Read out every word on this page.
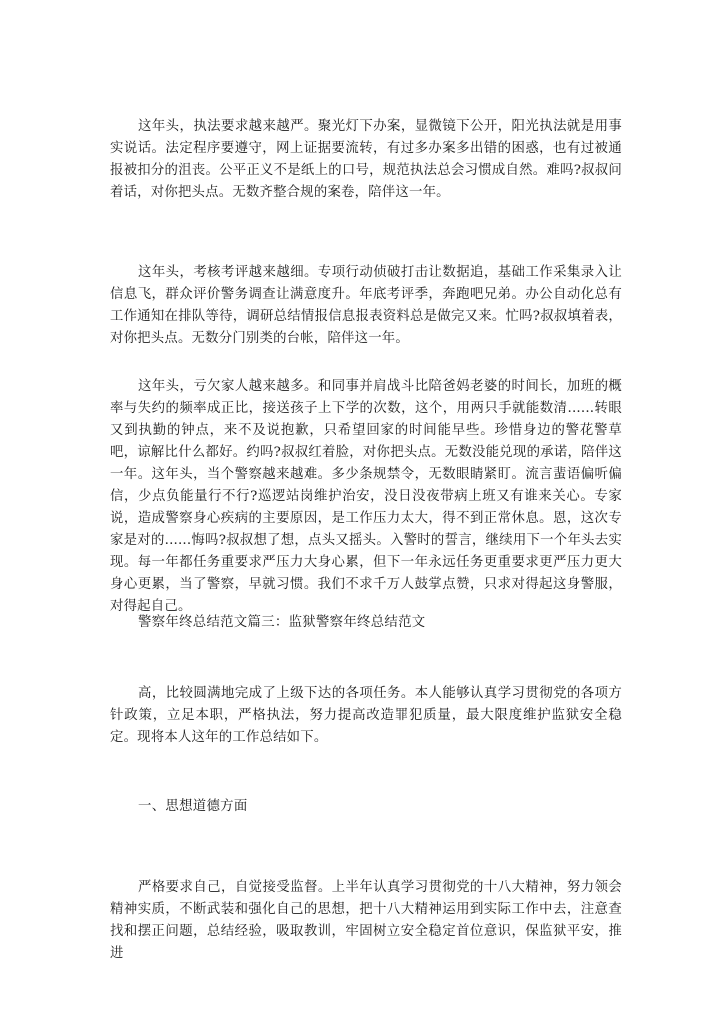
这年头，执法要求越来越严。聚光灯下办案，显微镜下公开，阳光执法就是用事实说话。法定程序要遵守，网上证据要流转，有过多办案多出错的困惑，也有过被通报被扣分的沮丧。公平正义不是纸上的口号，规范执法总会习惯成自然。难吗?叔叔问着话，对你把头点。无数齐整合规的案卷，陪伴这一年。

这年头，考核考评越来越细。专项行动侦破打击让数据追，基础工作采集录入让信息飞，群众评价警务调查让满意度升。年底考评季，奔跑吧兄弟。办公自动化总有工作通知在排队等待，调研总结情报信息报表资料总是做完又来。忙吗?叔叔填着表，对你把头点。无数分门别类的台帐，陪伴这一年。

这年头，亏欠家人越来越多。和同事并肩战斗比陪爸妈老婆的时间长，加班的概率与失约的频率成正比，接送孩子上下学的次数，这个，用两只手就能数清......转眼又到执勤的钟点，来不及说抱歉，只希望回家的时间能早些。珍惜身边的警花警草吧，谅解比什么都好。约吗?叔叔红着脸，对你把头点。无数没能兑现的承诺，陪伴这一年。这年头，当个警察越来越难。多少条规禁令，无数眼睛紧盯。流言蜚语偏听偏信，少点负能量行不行?巡逻站岗维护治安，没日没夜带病上班又有谁来关心。专家说，造成警察身心疾病的主要原因，是工作压力太大，得不到正常休息。恩，这次专家是对的......悔吗?叔叔想了想，点头又摇头。入警时的誓言，继续用下一个年头去实现。每一年都任务重要求严压力大身心累，但下一年永远任务更重要求更严压力更大身心更累，当了警察，早就习惯。我们不求千万人鼓掌点赞，只求对得起这身警服，对得起自己。

警察年终总结范文篇三：监狱警察年终总结范文

高，比较圆满地完成了上级下达的各项任务。本人能够认真学习贯彻党的各项方针政策，立足本职，严格执法，努力提高改造罪犯质量，最大限度维护监狱安全稳定。现将本人这年的工作总结如下。

一、思想道德方面

严格要求自己，自觉接受监督。上半年认真学习贯彻党的十八大精神，努力领会精神实质，不断武装和强化自己的思想，把十八大精神运用到实际工作中去，注意查找和摆正问题，总结经验，吸取教训，牢固树立安全稳定首位意识，保监狱平安，推进
